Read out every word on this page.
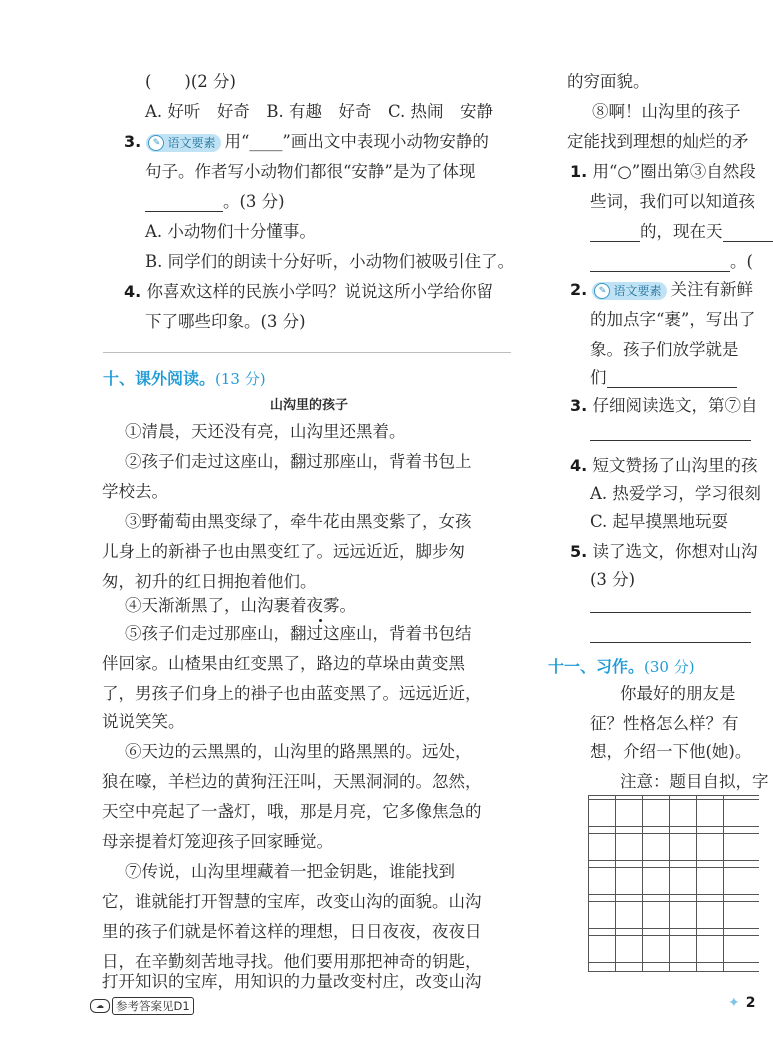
(　　)(2 分)
A. 好听　好奇　B. 有趣　好奇　C. 热闹　安静
3.	✎ 语文要素 用“____”画出文中表现小动物安静的
句子。作者写小动物们都很“安静”是为了体现
。(3 分)
A. 小动物们十分懂事。
B. 同学们的朗读十分好听，小动物们被吸引住了。
4. 你喜欢这样的民族小学吗？说说这所小学给你留
下了哪些印象。(3 分)
十、课外阅读。(13 分)
山沟里的孩子
①清晨，天还没有亮，山沟里还黑着。
②孩子们走过这座山，翻过那座山，背着书包上
学校去。
③野葡萄由黑变绿了，牵牛花由黑变紫了，女孩
儿身上的新褂子也由黑变红了。远远近近，脚步匆
匆，初升的红日拥抱着他们。
④天渐渐黑了，山沟裹着夜雾。
⑤孩子们走过那座山，翻过这座山，背着书包结
伴回家。山楂果由红变黑了，路边的草垛由黄变黑
了，男孩子们身上的褂子也由蓝变黑了。远远近近，
说说笑笑。
⑥天边的云黑黑的，山沟里的路黑黑的。远处，
狼在嚎，羊栏边的黄狗汪汪叫，天黑洞洞的。忽然，
天空中亮起了一盏灯，哦，那是月亮，它多像焦急的
母亲提着灯笼迎孩子回家睡觉。
⑦传说，山沟里埋藏着一把金钥匙，谁能找到
它，谁就能打开智慧的宝库，改变山沟的面貌。山沟
里的孩子们就是怀着这样的理想，日日夜夜，夜夜日
日，在辛勤刻苦地寻找。他们要用那把神奇的钥匙，
打开知识的宝库，用知识的力量改变村庄，改变山沟
☁	参考答案见D1
的穷面貌。
⑧啊！山沟里的孩子
定能找到理想的灿烂的矛
1. 用“○”圈出第③自然段
些词，我们可以知道孩
的，现在天
。(
2.	✎ 语文要素 关注有新鲜
的加点字“裹”，写出了
象。孩子们放学就是
们
3. 仔细阅读选文，第⑦自
4. 短文赞扬了山沟里的孩
A. 热爱学习，学习很刻
C. 起早摸黑地玩耍
5. 读了选文，你想对山沟
(3 分)
十一、习作。(30 分)
你最好的朋友是
征？性格怎么样？有
想，介绍一下他(她)。
注意：题目自拟，字
✦ 2
